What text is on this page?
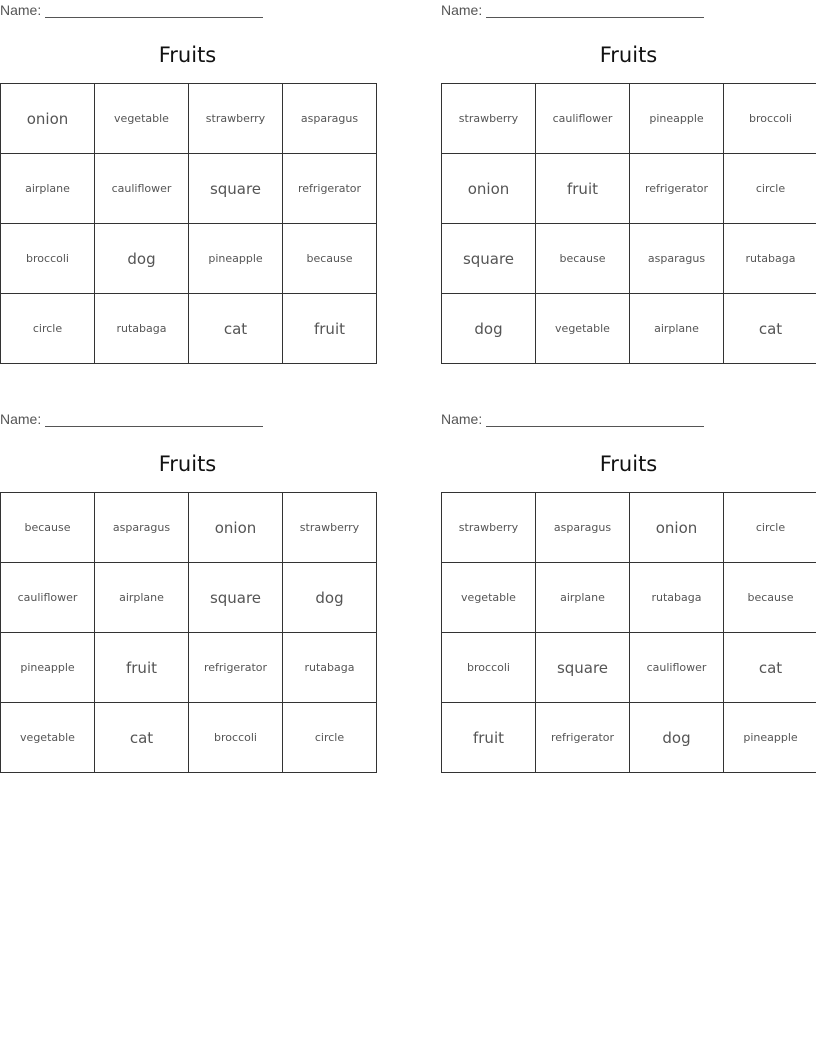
Name:
Fruits
onion	vegetable	strawberry	asparagus
airplane	cauliflower	square	refrigerator
broccoli	dog	pineapple	because
circle	rutabaga	cat	fruit
Name:
Fruits
strawberry	cauliflower	pineapple	broccoli
onion	fruit	refrigerator	circle
square	because	asparagus	rutabaga
dog	vegetable	airplane	cat
Name:
Fruits
because	asparagus	onion	strawberry
cauliflower	airplane	square	dog
pineapple	fruit	refrigerator	rutabaga
vegetable	cat	broccoli	circle
Name:
Fruits
strawberry	asparagus	onion	circle
vegetable	airplane	rutabaga	because
broccoli	square	cauliflower	cat
fruit	refrigerator	dog	pineapple
